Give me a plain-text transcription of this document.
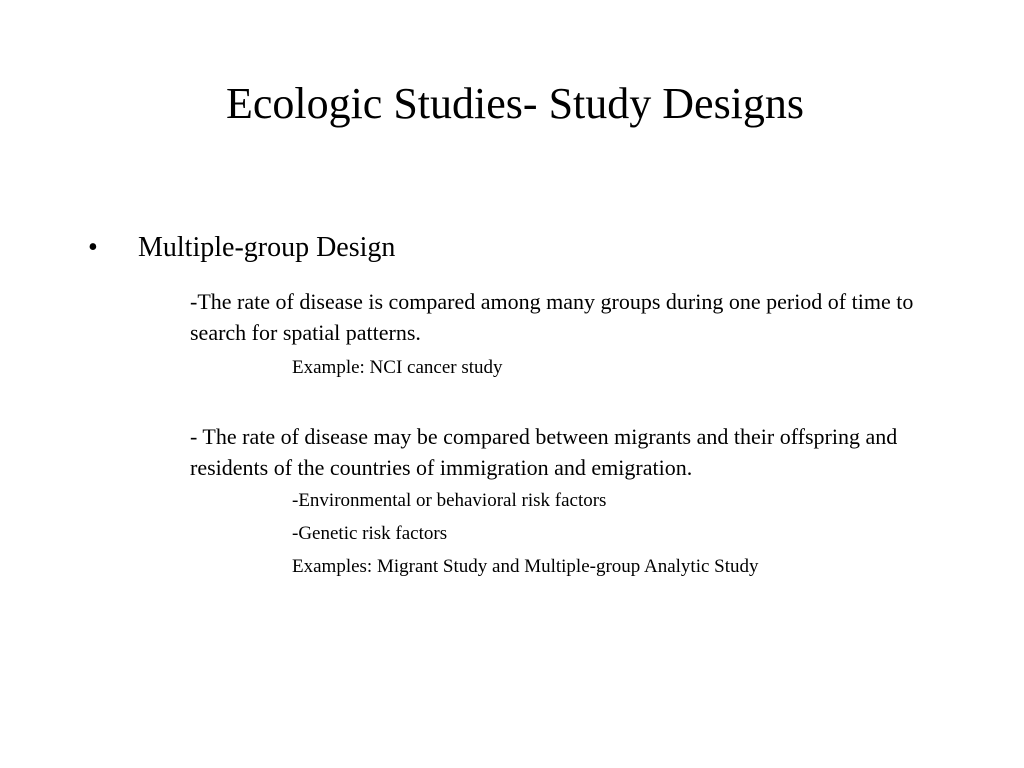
Ecologic Studies- Study Designs
• Multiple-group Design
-The rate of disease is compared among many groups during one period of time to search for spatial patterns.
Example: NCI cancer study
- The rate of disease may be compared between migrants and their offspring and residents of the countries of immigration and emigration.
-Environmental or behavioral risk factors
-Genetic risk factors
Examples: Migrant Study and Multiple-group Analytic Study
